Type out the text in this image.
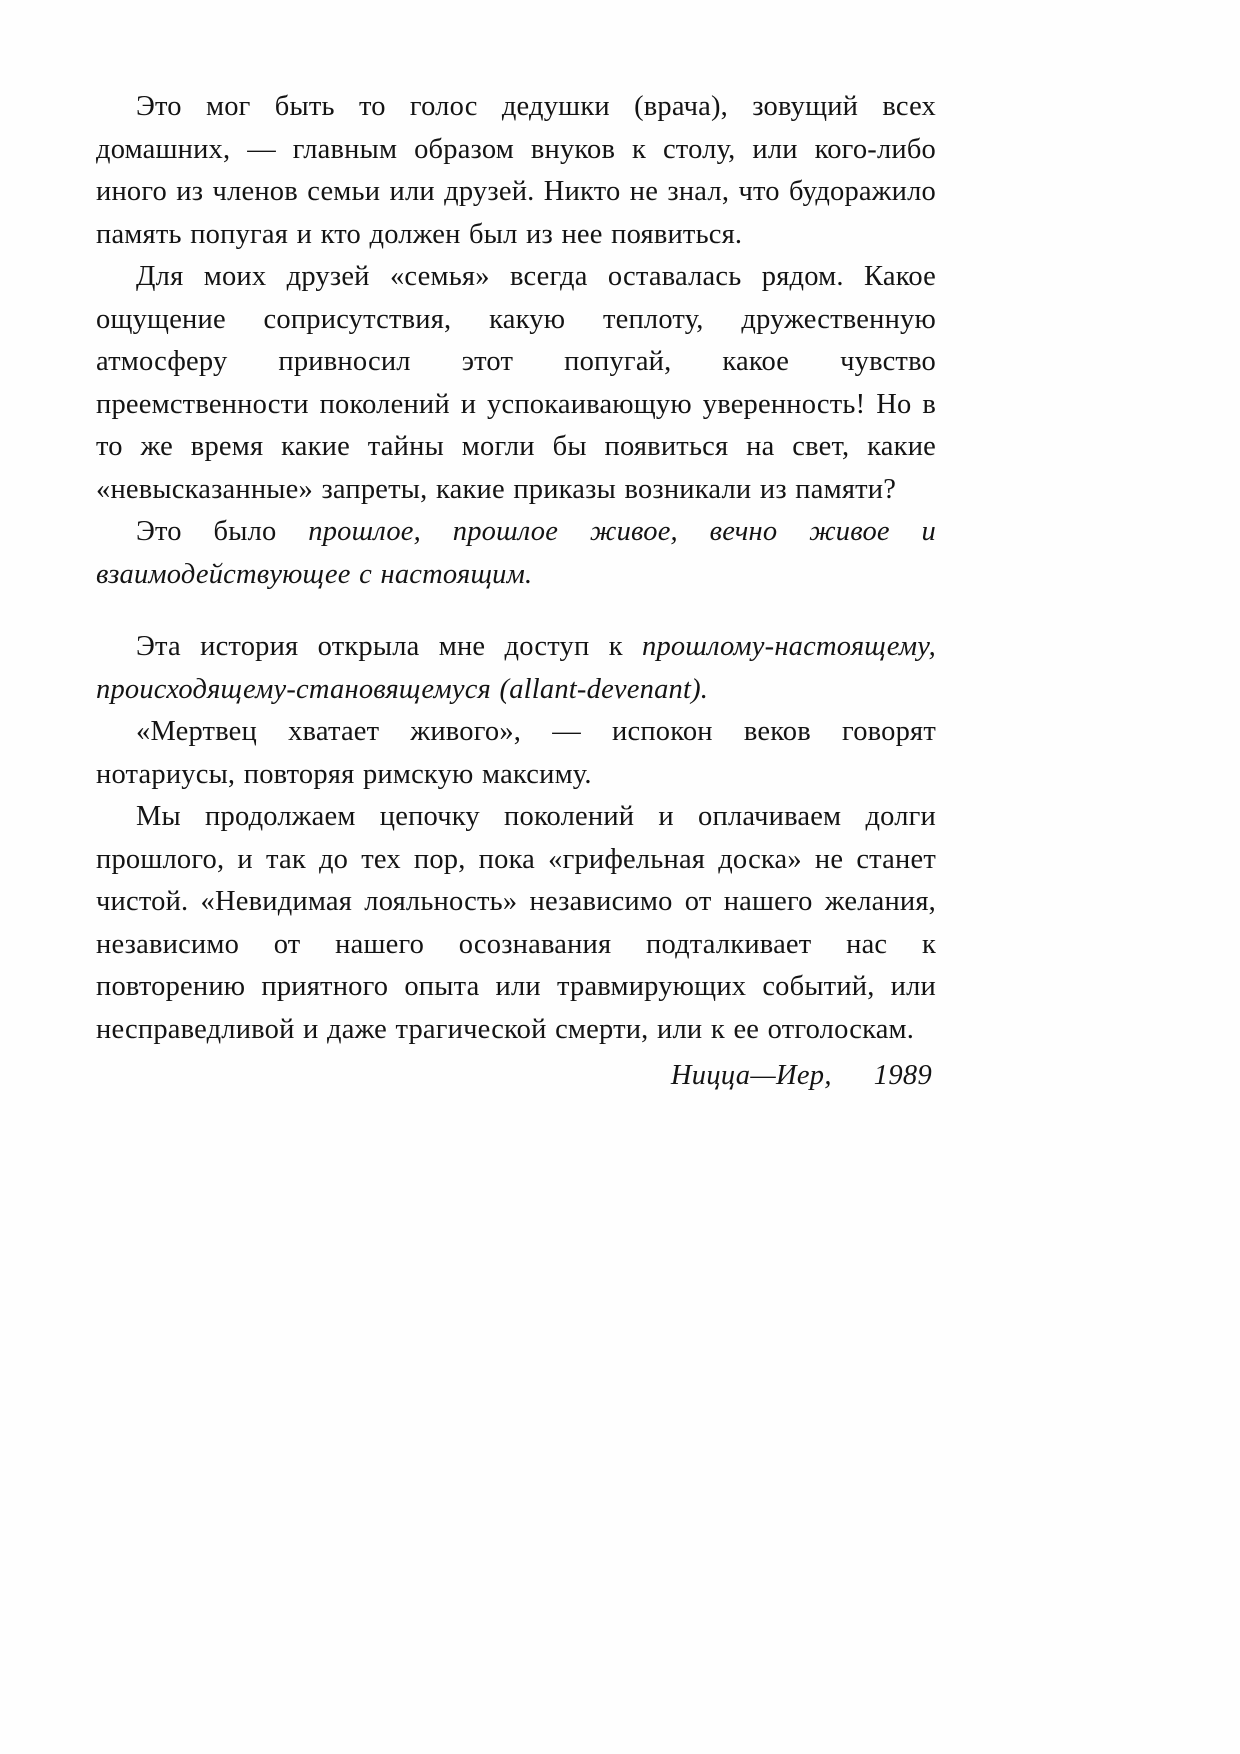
Это мог быть то голос дедушки (врача), зовущий всех домашних, — главным образом внуков к столу, или кого-либо иного из членов семьи или друзей. Никто не знал, что будоражило память попугая и кто должен был из нее появиться.

Для моих друзей «семья» всегда оставалась рядом. Какое ощущение соприсутствия, какую теплоту, дружественную атмосферу привносил этот попугай, какое чувство преемственности поколений и успокаивающую уверенность! Но в то же время какие тайны могли бы появиться на свет, какие «невысказанные» запреты, какие приказы возникали из памяти?

Это было прошлое, прошлое живое, вечно живое и взаимодействующее с настоящим.

Эта история открыла мне доступ к прошлому-настоящему, происходящему-становящемуся (allant-devenant).

«Мертвец хватает живого», — испокон веков говорят нотариусы, повторяя римскую максиму.

Мы продолжаем цепочку поколений и оплачиваем долги прошлого, и так до тех пор, пока «грифельная доска» не станет чистой. «Невидимая лояльность» независимо от нашего желания, независимо от нашего осознавания подталкивает нас к повторению приятного опыта или травмирующих событий, или несправедливой и даже трагической смерти, или к ее отголоскам.

Ницца—Иер, 1989
